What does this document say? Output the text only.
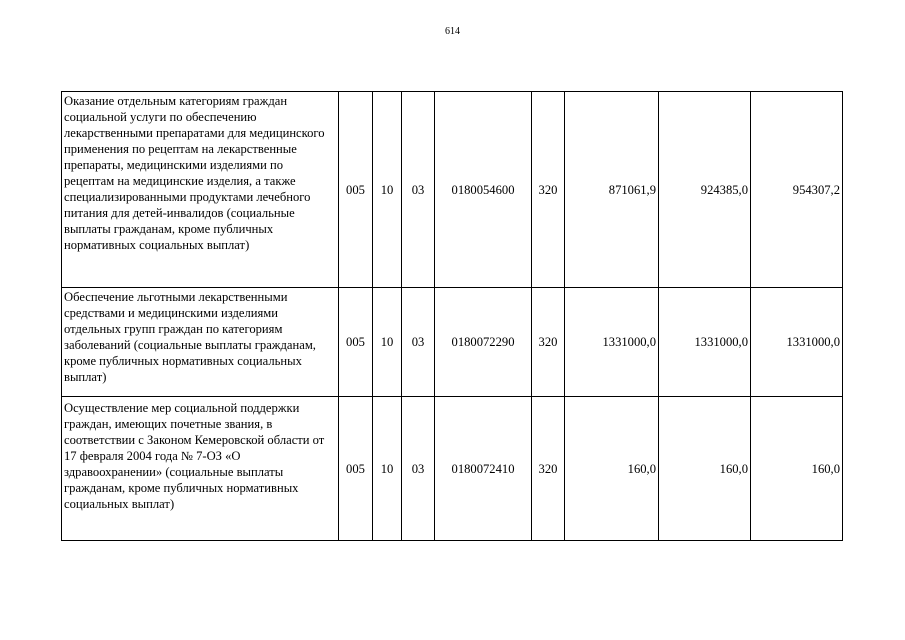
614
Оказание отдельным категориям граждан социальной услуги по обеспечению лекарственными препаратами для медицинского применения по рецептам на лекарственные препараты, медицинскими изделиями по рецептам на медицинские изделия, а также специализированными продуктами лечебного питания для детей-инвалидов (социальные выплаты гражданам, кроме публичных нормативных социальных выплат)	005	10	03	0180054600	320	871061,9	924385,0	954307,2
Обеспечение льготными лекарственными средствами и медицинскими изделиями отдельных групп граждан по категориям заболеваний (социальные выплаты гражданам, кроме публичных нормативных социальных выплат)	005	10	03	0180072290	320	1331000,0	1331000,0	1331000,0
Осуществление мер социальной поддержки граждан, имеющих почетные звания, в соответствии с Законом Кемеровской области от 17 февраля 2004 года № 7-ОЗ «О здравоохранении» (социальные выплаты гражданам, кроме публичных нормативных социальных выплат)	005	10	03	0180072410	320	160,0	160,0	160,0
